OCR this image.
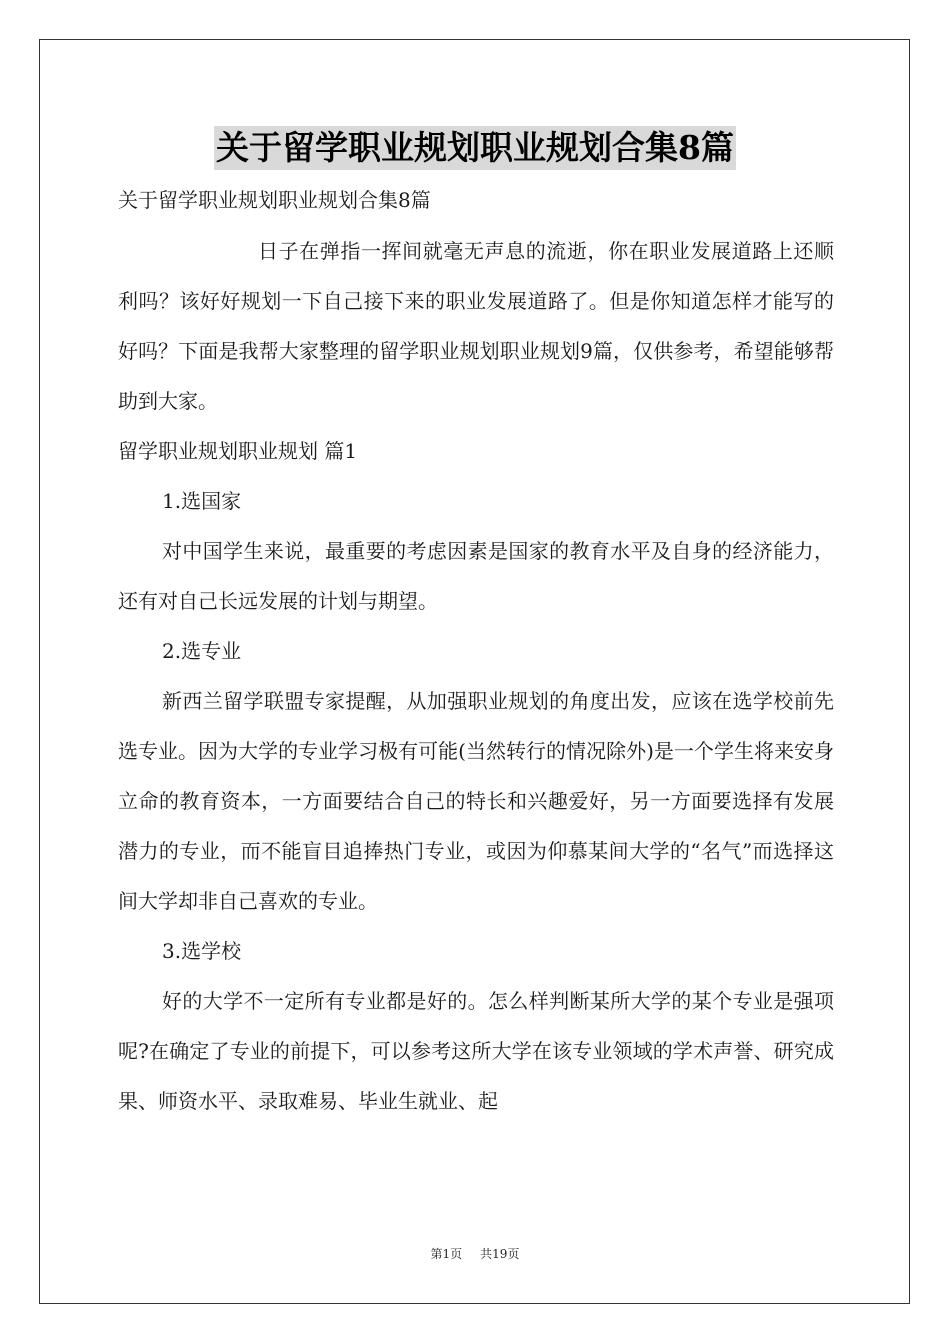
关于留学职业规划职业规划合集8篇

关于留学职业规划职业规划合集8篇

日子在弹指一挥间就毫无声息的流逝，你在职业发展道路上还顺利吗？该好好规划一下自己接下来的职业发展道路了。但是你知道怎样才能写的好吗？下面是我帮大家整理的留学职业规划职业规划9篇，仅供参考，希望能够帮助到大家。

留学职业规划职业规划 篇1

1.选国家

对中国学生来说，最重要的考虑因素是国家的教育水平及自身的经济能力，还有对自己长远发展的计划与期望。

2.选专业

新西兰留学联盟专家提醒，从加强职业规划的角度出发，应该在选学校前先选专业。因为大学的专业学习极有可能(当然转行的情况除外)是一个学生将来安身立命的教育资本，一方面要结合自己的特长和兴趣爱好，另一方面要选择有发展潜力的专业，而不能盲目追捧热门专业，或因为仰慕某间大学的“名气”而选择这间大学却非自己喜欢的专业。

3.选学校

好的大学不一定所有专业都是好的。怎么样判断某所大学的某个专业是强项呢?在确定了专业的前提下，可以参考这所大学在该专业领域的学术声誉、研究成果、师资水平、录取难易、毕业生就业、起

第1页 共19页
